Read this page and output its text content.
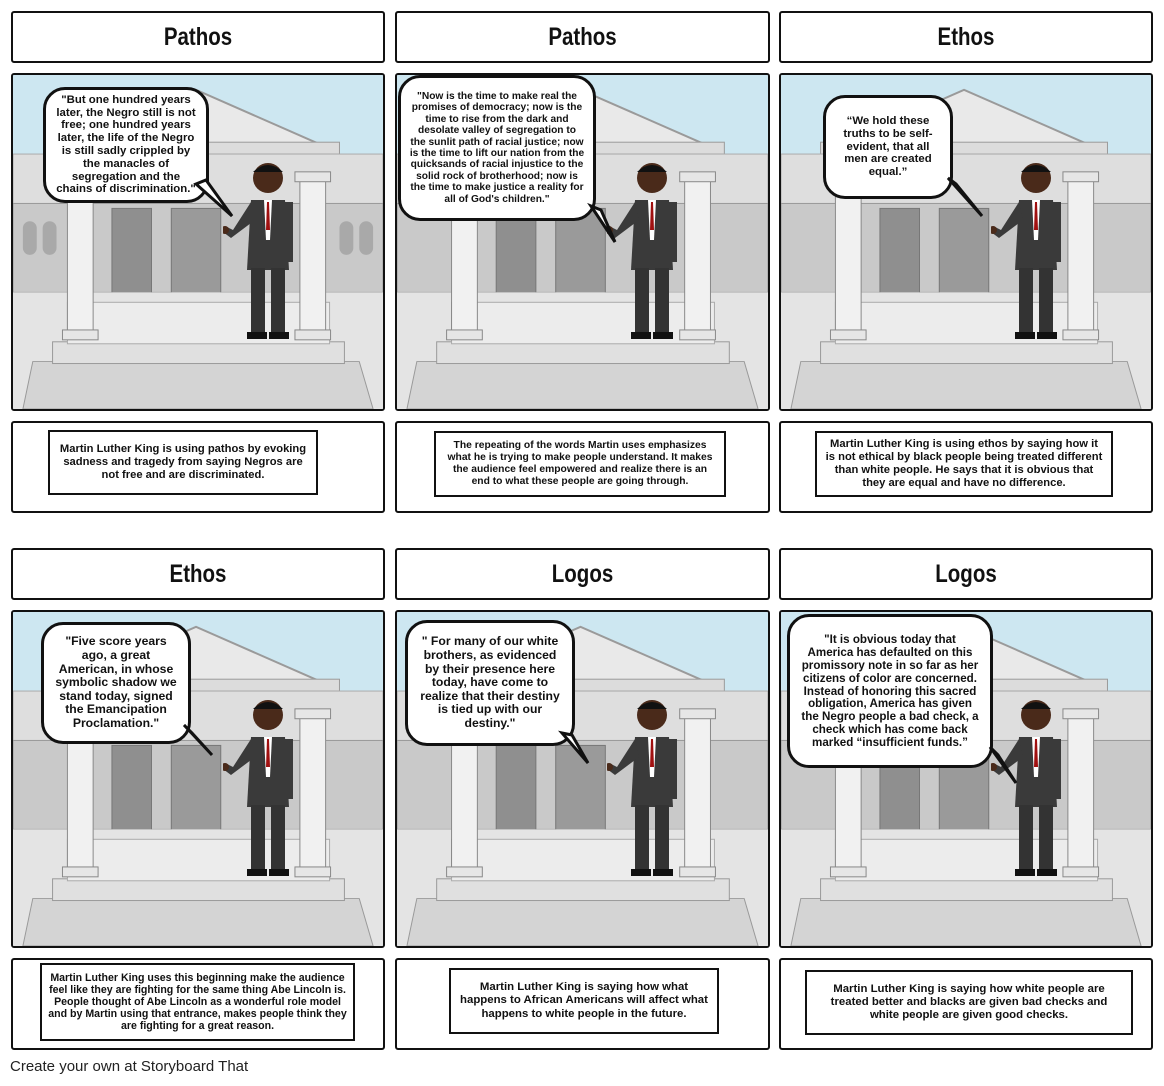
Pathos	Pathos	Ethos
"But one hundred years later, the Negro still is not free; one hundred years later, the life of the Negro is still sadly crippled by the manacles of segregation and the chains of discrimination."
"Now is the time to make real the promises of democracy; now is the time to rise from the dark and desolate valley of segregation to the sunlit path of racial justice; now is the time to lift our nation from the quicksands of racial injustice to the solid rock of brotherhood; now is the time to make justice a reality for all of God's children."
“We hold these truths to be self-evident, that all men are created equal.”
Martin Luther King is using pathos by evoking sadness and tragedy from saying Negros are not free and are discriminated.
The repeating of the words Martin uses emphasizes what he is trying to make people understand. It makes the audience feel empowered and realize there is an end to what these people are going through.
Martin Luther King is using ethos by saying how it is not ethical by black people being treated different than white people. He says that it is obvious that they are equal and have no difference.
Ethos	Logos	Logos
"Five score years ago, a great American, in whose symbolic shadow we stand today, signed the Emancipation Proclamation."
" For many of our white brothers, as evidenced by their presence here today, have come to realize that their destiny is tied up with our destiny."
"It is obvious today that America has defaulted on this promissory note in so far as her citizens of color are concerned. Instead of honoring this sacred obligation, America has given the Negro people a bad check, a check which has come back marked “insufficient funds.”
Martin Luther King uses this beginning make the audience feel like they are fighting for the same thing Abe Lincoln is. People thought of Abe Lincoln as a wonderful role model and by Martin using that entrance, makes people think they are fighting for a great reason.
Martin Luther King is saying how what happens to African Americans will affect what happens to white people in the future.
Martin Luther King is saying how white people are treated better and blacks are given bad checks and white people are given good checks.
Create your own at Storyboard That
